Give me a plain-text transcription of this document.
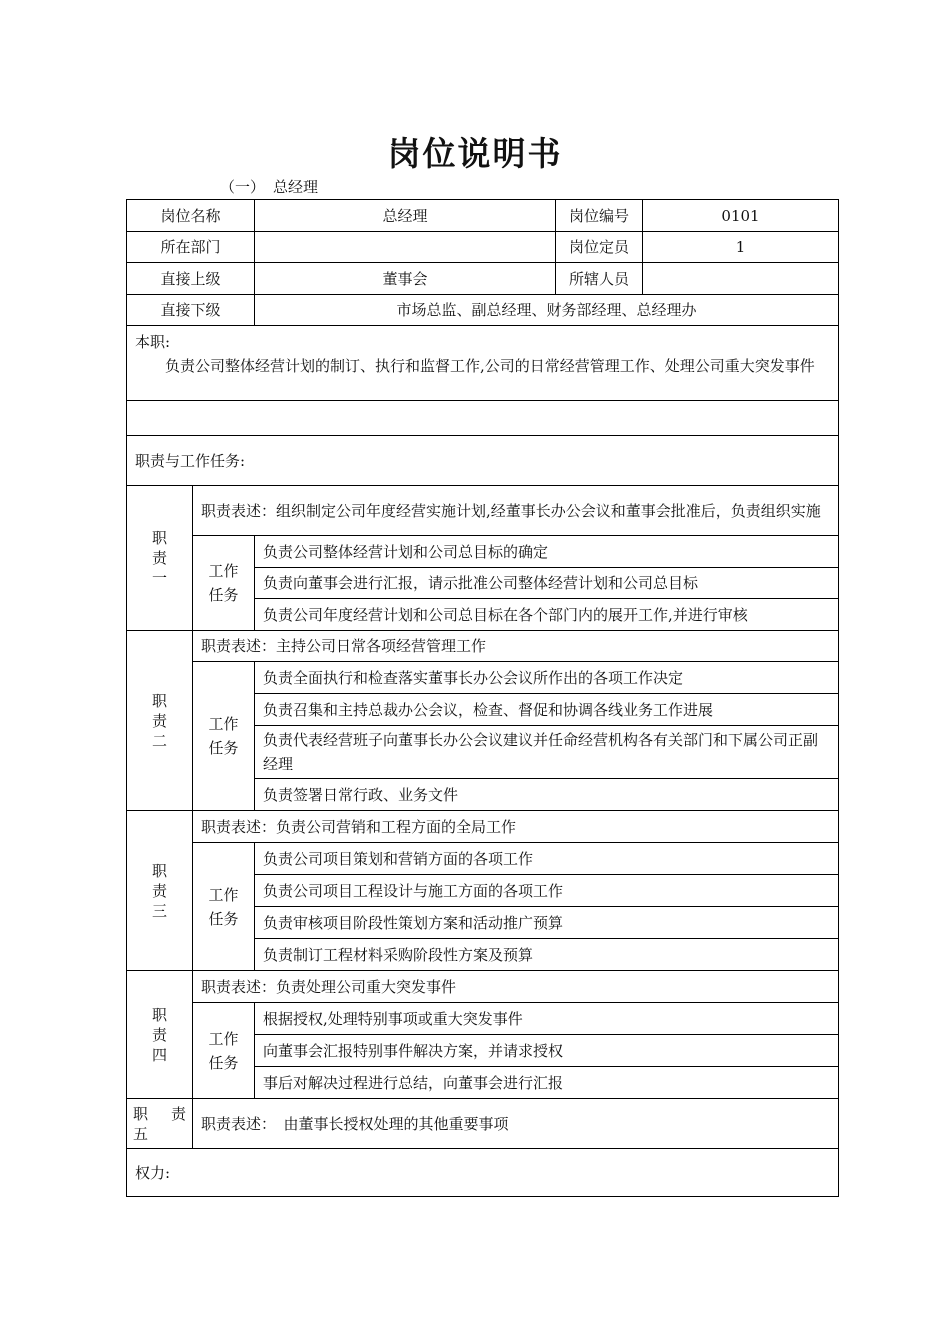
岗位说明书
（一） 总经理
岗位名称		总经理	岗位编号	0101
所在部门			岗位定员	1
直接上级		董事会	所辖人员	
直接下级		市场总监、副总经理、财务部经理、总经理办		

本职:
负责公司整体经营计划的制订、执行和监督工作,公司的日常经营管理工作、处理公司重大突发事件				

职责与工作任务:				

职责一	职责表述：组织制定公司年度经营实施计划,经董事长办公会议和董事会批准后，负责组织实施			

	工作任务	负责公司整体经营计划和公司总目标的确定		
		负责向董事会进行汇报，请示批准公司整体经营计划和公司总目标		
		负责公司年度经营计划和公司总目标在各个部门内的展开工作,并进行审核		

职责二	职责表述：主持公司日常各项经营管理工作			

	工作任务	负责全面执行和检查落实董事长办公会议所作出的各项工作决定		
		负责召集和主持总裁办公会议，检查、督促和协调各线业务工作进展		
		负责代表经营班子向董事长办公会议建议并任命经营机构各有关部门和下属公司正副经理		
		负责签署日常行政、业务文件		

职责三	职责表述：负责公司营销和工程方面的全局工作			

	工作任务	负责公司项目策划和营销方面的各项工作		
		负责公司项目工程设计与施工方面的各项工作		
		负责审核项目阶段性策划方案和活动推广预算		
		负责制订工程材料采购阶段性方案及预算		

职责四	职责表述：负责处理公司重大突发事件			

	工作任务	根据授权,处理特别事项或重大突发事件		
		向董事会汇报特别事件解决方案，并请求授权		
		事后对解决过程进行总结，向董事会进行汇报		

职 责
五	职责表述：　由董事长授权处理的其他重要事项			
权力:				
